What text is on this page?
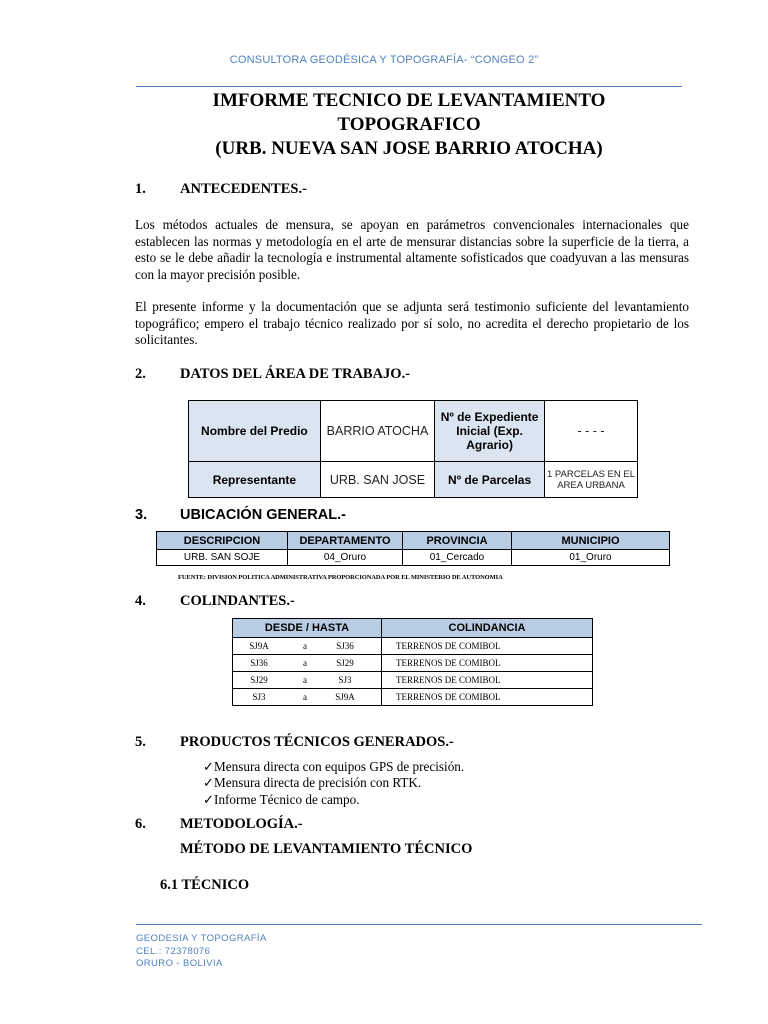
CONSULTORA GEODÉSICA Y TOPOGRAFÍA- “CONGEO 2”
IMFORME TECNICO DE LEVANTAMIENTO
TOPOGRAFICO
(URB. NUEVA SAN JOSE BARRIO ATOCHA)
1. ANTECEDENTES.-
Los métodos actuales de mensura, se apoyan en parámetros convencionales internacionales que establecen las normas y metodología en el arte de mensurar distancias sobre la superficie de la tierra, a esto se le debe añadir la tecnología e instrumental altamente sofisticados que coadyuvan a las mensuras con la mayor precisión posible.
El presente informe y la documentación que se adjunta será testimonio suficiente del levantamiento topográfico; empero el trabajo técnico realizado por sí solo, no acredita el derecho propietario de los solicitantes.
2. DATOS DEL ÁREA DE TRABAJO.-
Nombre del Predio	BARRIO ATOCHA	Nº de Expediente Inicial (Exp. Agrario)	- - - -
Representante	URB. SAN JOSE	Nº de Parcelas	1 PARCELAS EN EL AREA URBANA
3. UBICACIÓN GENERAL.-
DESCRIPCION	DEPARTAMENTO	PROVINCIA	MUNICIPIO
URB. SAN SOJE	04_Oruro	01_Cercado	01_Oruro
FUENTE: DIVISION POLITICA ADMINISTRATIVA PROPORCIONADA POR EL MINISTERIO DE AUTONOMIA
4. COLINDANTES.-
DESDE / HASTA	COLINDANCIA
SJ9A a SJ36	TERRENOS DE COMIBOL
SJ36 a SJ29	TERRENOS DE COMIBOL
SJ29 a SJ3	TERRENOS DE COMIBOL
SJ3 a SJ9A	TERRENOS DE COMIBOL
5. PRODUCTOS TÉCNICOS GENERADOS.-
✓Mensura directa con equipos GPS de precisión.
✓Mensura directa de precisión con RTK.
✓Informe Técnico de campo.
6. METODOLOGÍA.-
MÉTODO DE LEVANTAMIENTO TÉCNICO
6.1 TÉCNICO
GEODESIA Y TOPOGRAFÍA
CEL.: 72378076
ORURO - BOLIVIA
